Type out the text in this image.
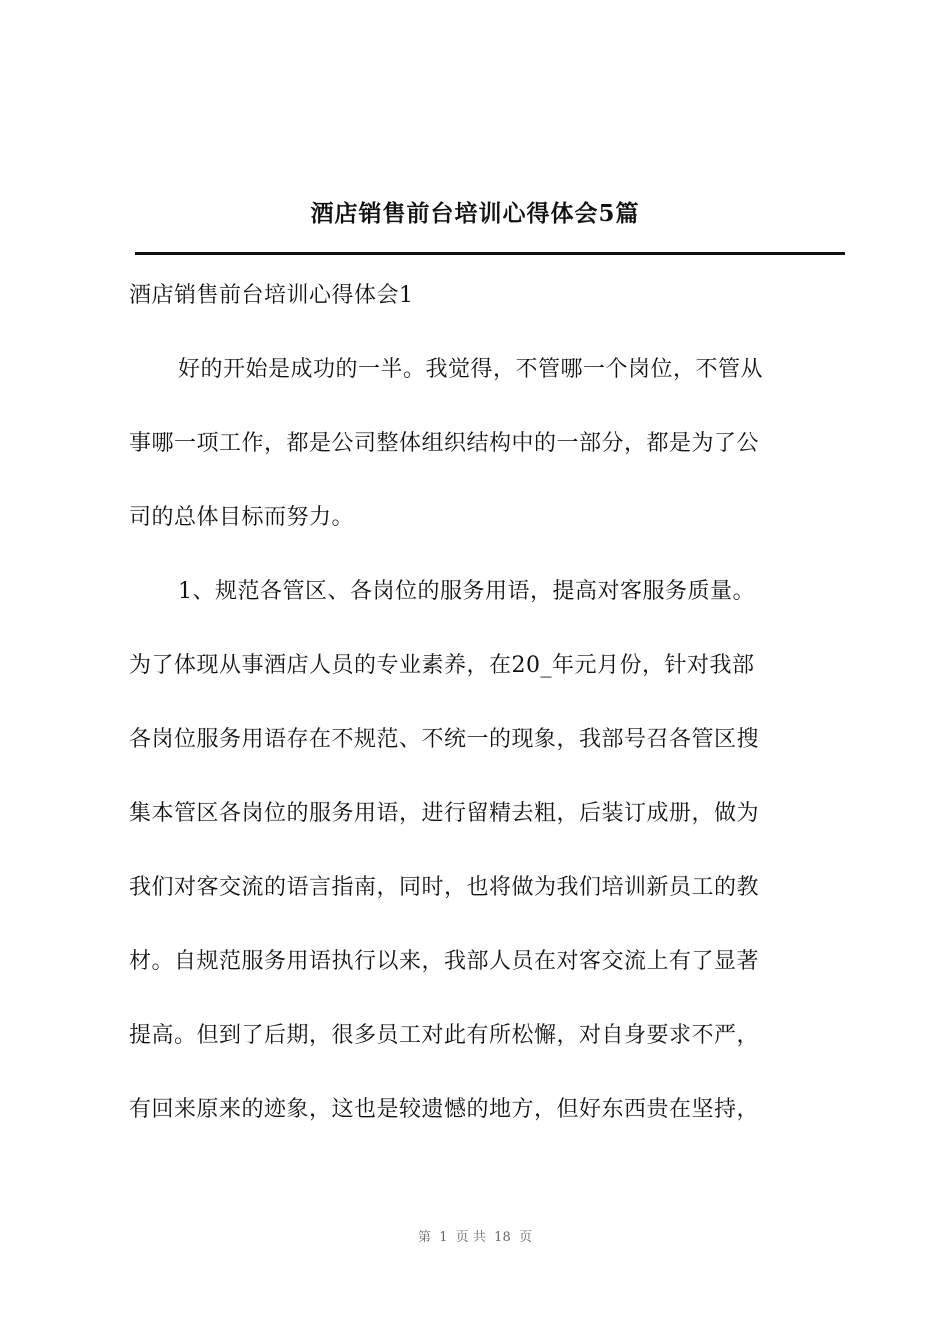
酒店销售前台培训心得体会5篇
酒店销售前台培训心得体会1
好的开始是成功的一半。我觉得，不管哪一个岗位，不管从
事哪一项工作，都是公司整体组织结构中的一部分，都是为了公
司的总体目标而努力。
1、规范各管区、各岗位的服务用语，提高对客服务质量。
为了体现从事酒店人员的专业素养，在20_年元月份，针对我部
各岗位服务用语存在不规范、不统一的现象，我部号召各管区搜
集本管区各岗位的服务用语，进行留精去粗，后装订成册，做为
我们对客交流的语言指南，同时，也将做为我们培训新员工的教
材。自规范服务用语执行以来，我部人员在对客交流上有了显著
提高。但到了后期，很多员工对此有所松懈，对自身要求不严，
有回来原来的迹象，这也是较遗憾的地方，但好东西贵在坚持，
第  1  页 共  18  页
